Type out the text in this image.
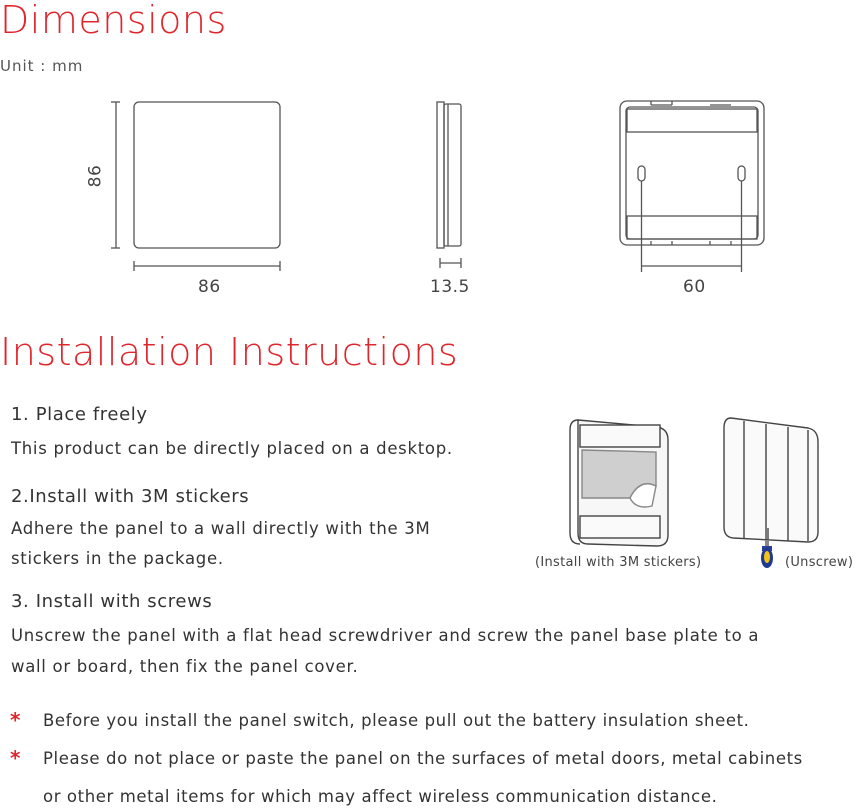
Dimensions
Unit : mm
86
86	13.5	60
Installation Instructions
1. Place freely
This product can be directly placed on a desktop.
2.Install with 3M stickers
Adhere the panel to a wall directly with the 3M
stickers in the package.
3. Install with screws
Unscrew the panel with a flat head screwdriver and screw the panel base plate to a
wall or board, then fix the panel cover.
(Install with 3M stickers)	(Unscrew)
* Before you install the panel switch, please pull out the battery insulation sheet.
* Please do not place or paste the panel on the surfaces of metal doors, metal cabinets
or other metal items for which may affect wireless communication distance.
